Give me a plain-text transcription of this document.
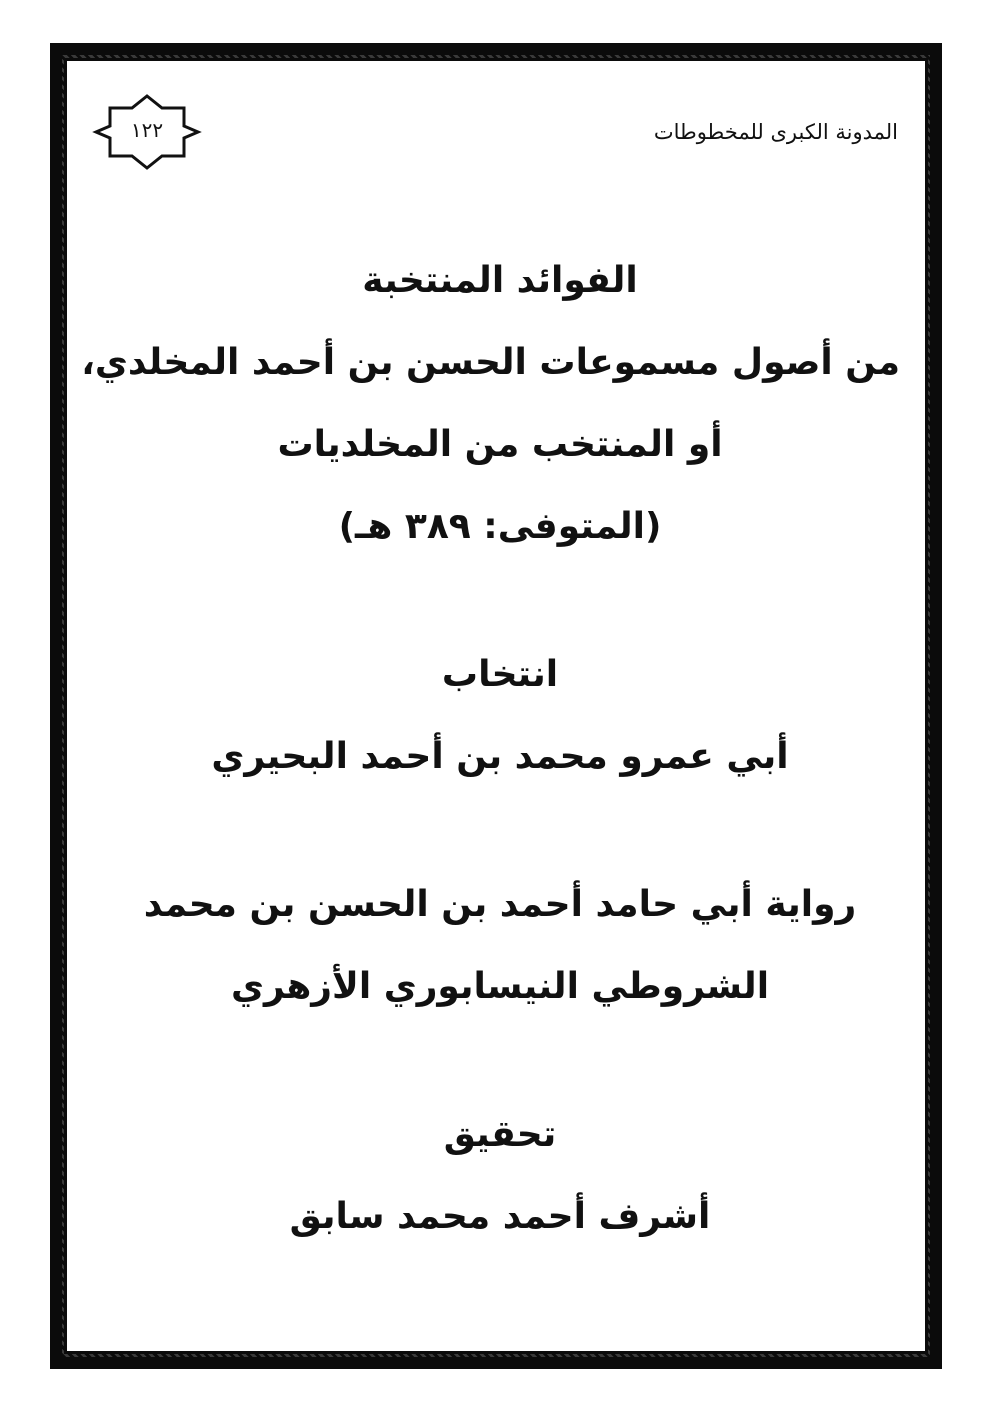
المدونة الكبرى للمخطوطات
١٢٢
الفوائد المنتخبة
من أصول مسموعات الحسن بن أحمد المخلدي،
أو المنتخب من المخلديات
(المتوفى: ٣٨٩ هـ)
انتخاب
أبي عمرو محمد بن أحمد البحيري
رواية أبي حامد أحمد بن الحسن بن محمد
الشروطي النيسابوري الأزهري
تحقيق
أشرف أحمد محمد سابق
